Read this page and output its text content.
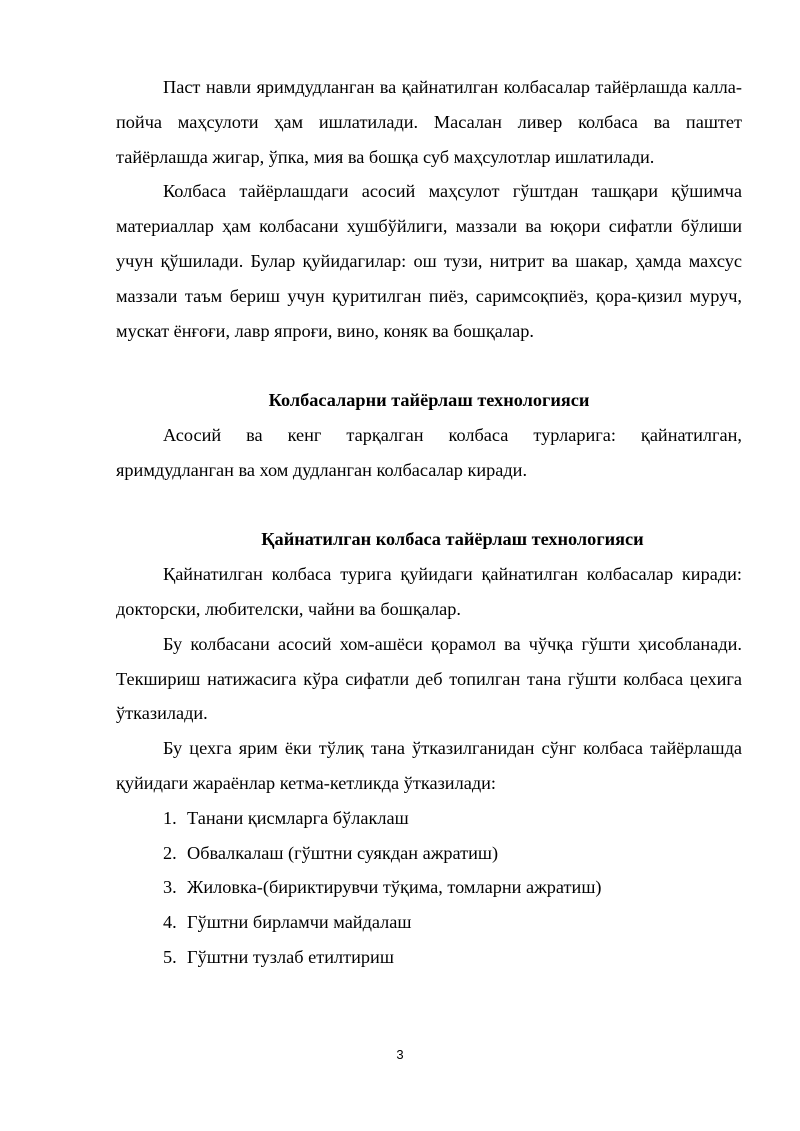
Паст навли яримдудланган ва қайнатилган колбасалар тайёрлашда калла-пойча маҳсулоти ҳам ишлатилади. Масалан ливер колбаса ва паштет тайёрлашда жигар, ўпка, мия ва бошқа суб маҳсулотлар ишлатилади.

Колбаса тайёрлашдаги асосий маҳсулот гўштдан ташқари қўшимча материаллар ҳам колбасани хушбўйлиги, маззали ва юқори сифатли бўлиши учун қўшилади. Булар қуйидагилар: ош тузи, нитрит ва шакар, ҳамда махсус маззали таъм бериш учун қуритилган пиёз, саримсоқпиёз, қора-қизил муруч, мускат ёнғоғи, лавр япроғи, вино, коняк ва бошқалар.

Колбасаларни тайёрлаш технологияси

Асосий ва кенг тарқалган колбаса турларига: қайнатилган, яримдудланган ва хом дудланган колбасалар киради.

Қайнатилган колбаса тайёрлаш технологияси

Қайнатилган колбаса турига қуйидаги қайнатилган колбасалар киради: докторски, любителски, чайни ва бошқалар.

Бу колбасани асосий хом-ашёси қорамол ва чўчқа гўшти ҳисобланади. Текшириш натижасига кўра сифатли деб топилган тана гўшти колбаса цехига ўтказилади.

Бу цехга ярим ёки тўлиқ тана ўтказилганидан сўнг колбаса тайёрлашда қуйидаги жараёнлар кетма-кетликда ўтказилади:

1. Танани қисмларга бўлаклаш
2. Обвалкалаш (гўштни суякдан ажратиш)
3. Жиловка-(бириктирувчи тўқима, томларни ажратиш)
4. Гўштни бирламчи майдалаш
5. Гўштни тузлаб етилтириш
3
